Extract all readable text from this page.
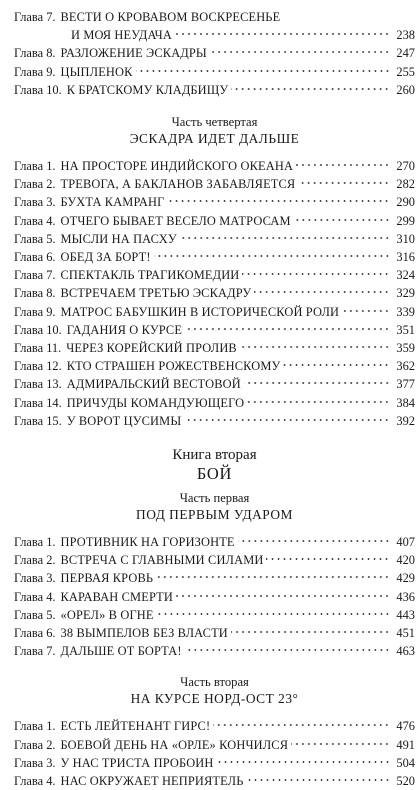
Глава 7. ВЕСТИ О КРОВАВОМ ВОСКРЕСЕНЬЕ
И МОЯ НЕУДАЧА	238
Глава 8. РАЗЛОЖЕНИЕ ЭСКАДРЫ	247
Глава 9. ЦЫПЛЕНОК	255
Глава 10. К БРАТСКОМУ КЛАДБИЩУ	260
Часть четвертая
ЭСКАДРА ИДЕТ ДАЛЬШЕ
Глава 1. НА ПРОСТОРЕ ИНДИЙСКОГО ОКЕАНА	270
Глава 2. ТРЕВОГА, А БАКЛАНОВ ЗАБАВЛЯЕТСЯ	282
Глава 3. БУХТА КАМРАНГ	290
Глава 4. ОТЧЕГО БЫВАЕТ ВЕСЕЛО МАТРОСАМ	299
Глава 5. МЫСЛИ НА ПАСХУ	310
Глава 6. ОБЕД ЗА БОРТ!	316
Глава 7. СПЕКТАКЛЬ ТРАГИКОМЕДИИ	324
Глава 8. ВСТРЕЧАЕМ ТРЕТЬЮ ЭСКАДРУ	329
Глава 9. МАТРОС БАБУШКИН В ИСТОРИЧЕСКОЙ РОЛИ	339
Глава 10. ГАДАНИЯ О КУРСЕ	351
Глава 11. ЧЕРЕЗ КОРЕЙСКИЙ ПРОЛИВ	359
Глава 12. КТО СТРАШЕН РОЖЕСТВЕНСКОМУ	362
Глава 13. АДМИРАЛЬСКИЙ ВЕСТОВОЙ	377
Глава 14. ПРИЧУДЫ КОМАНДУЮЩЕГО	384
Глава 15. У ВОРОТ ЦУСИМЫ	392
Книга вторая
БОЙ
Часть первая
ПОД ПЕРВЫМ УДАРОМ
Глава 1. ПРОТИВНИК НА ГОРИЗОНТЕ	407
Глава 2. ВСТРЕЧА С ГЛАВНЫМИ СИЛАМИ	420
Глава 3. ПЕРВАЯ КРОВЬ	429
Глава 4. КАРАВАН СМЕРТИ	436
Глава 5. «ОРЕЛ» В ОГНЕ	443
Глава 6. 38 ВЫМПЕЛОВ БЕЗ ВЛАСТИ	451
Глава 7. ДАЛЬШЕ ОТ БОРТА!	463
Часть вторая
НА КУРСЕ НОРД-ОСТ 23°
Глава 1. ЕСТЬ ЛЕЙТЕНАНТ ГИРС!	476
Глава 2. БОЕВОЙ ДЕНЬ НА «ОРЛЕ» КОНЧИЛСЯ	491
Глава 3. У НАС ТРИСТА ПРОБОИН	504
Глава 4. НАС ОКРУЖАЕТ НЕПРИЯТЕЛЬ	520
